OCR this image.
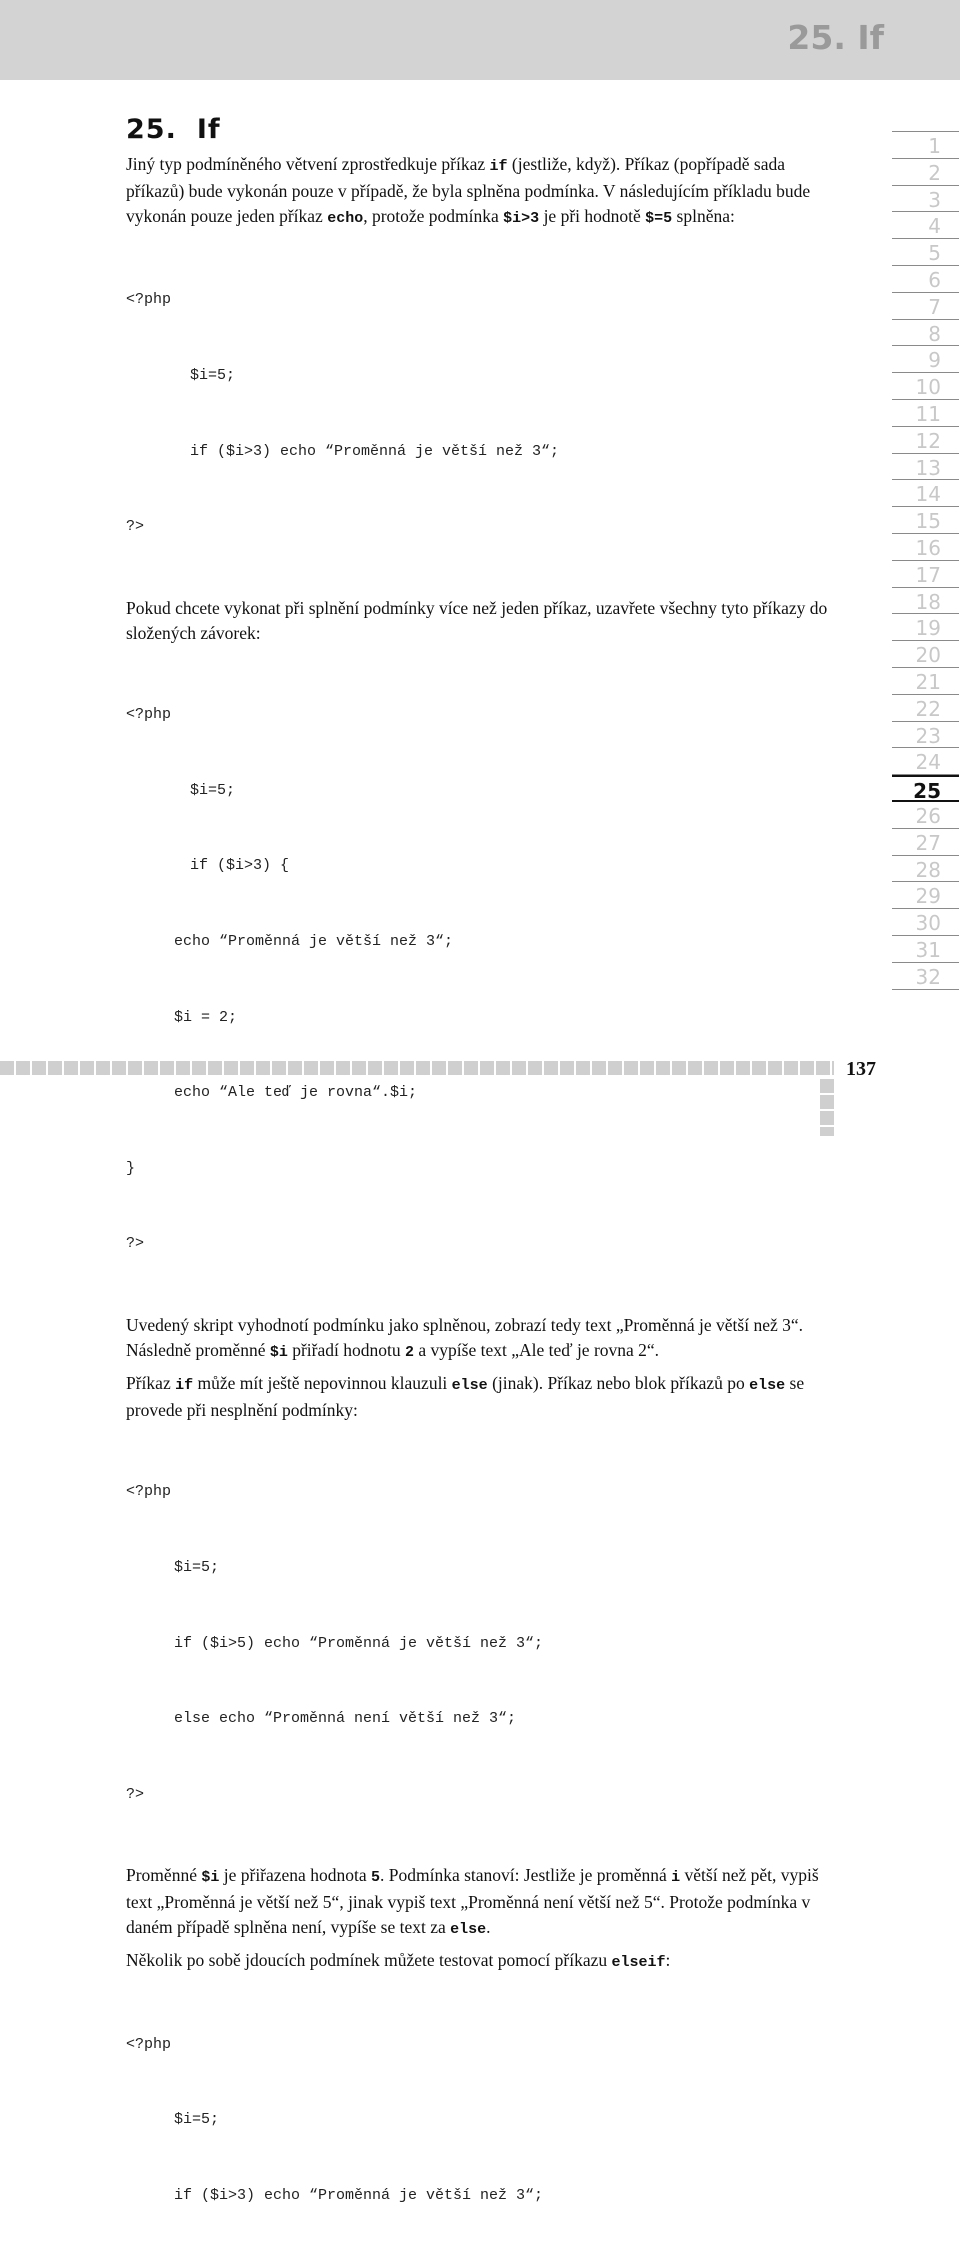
25. If
25. If

Jiný typ podmíněného větvení zprostředkuje příkaz if (jestliže, když). Příkaz (popřípadě sada příkazů) bude vykonán pouze v případě, že byla splněna podmínka. V následujícím příkladu bude vykonán pouze jeden příkaz echo, protože podmínka $i>3 je při hodnotě $=5 splněna:

<?php

$i=5;

if ($i>3) echo “Proměnná je větší než 3“;

?>

Pokud chcete vykonat při splnění podmínky více než jeden příkaz, uzavřete všechny tyto příkazy do složených závorek:

<?php

$i=5;

if ($i>3) {

echo “Proměnná je větší než 3“;

$i = 2;

echo “Ale teď je rovna“.$i;

}

?>

Uvedený skript vyhodnotí podmínku jako splněnou, zobrazí tedy text „Proměnná je větší než 3“. Následně proměnné $i přiřadí hodnotu 2 a vypíše text „Ale teď je rovna 2“.

Příkaz if může mít ještě nepovinnou klauzuli else (jinak). Příkaz nebo blok příkazů po else se provede při nesplnění podmínky:

<?php

$i=5;

if ($i>5) echo “Proměnná je větší než 3“;

else echo “Proměnná není větší než 3“;

?>

Proměnné $i je přiřazena hodnota 5. Podmínka stanoví: Jestliže je proměnná i větší než pět, vypiš text „Proměnná je větší než 5“, jinak vypiš text „Proměnná není větší než 5“. Protože podmínka v daném případě splněna není, vypíše se text za else.

Několik po sobě jdoucích podmínek můžete testovat pomocí příkazu elseif:

<?php

$i=5;

if ($i>3) echo “Proměnná je větší než 3“;

1
2
3
4
5
6
7
8
9
10
11
12
13
14
15
16
17
18
19
20
21
22
23
24
25
26
27
28
29
30
31
32
137
